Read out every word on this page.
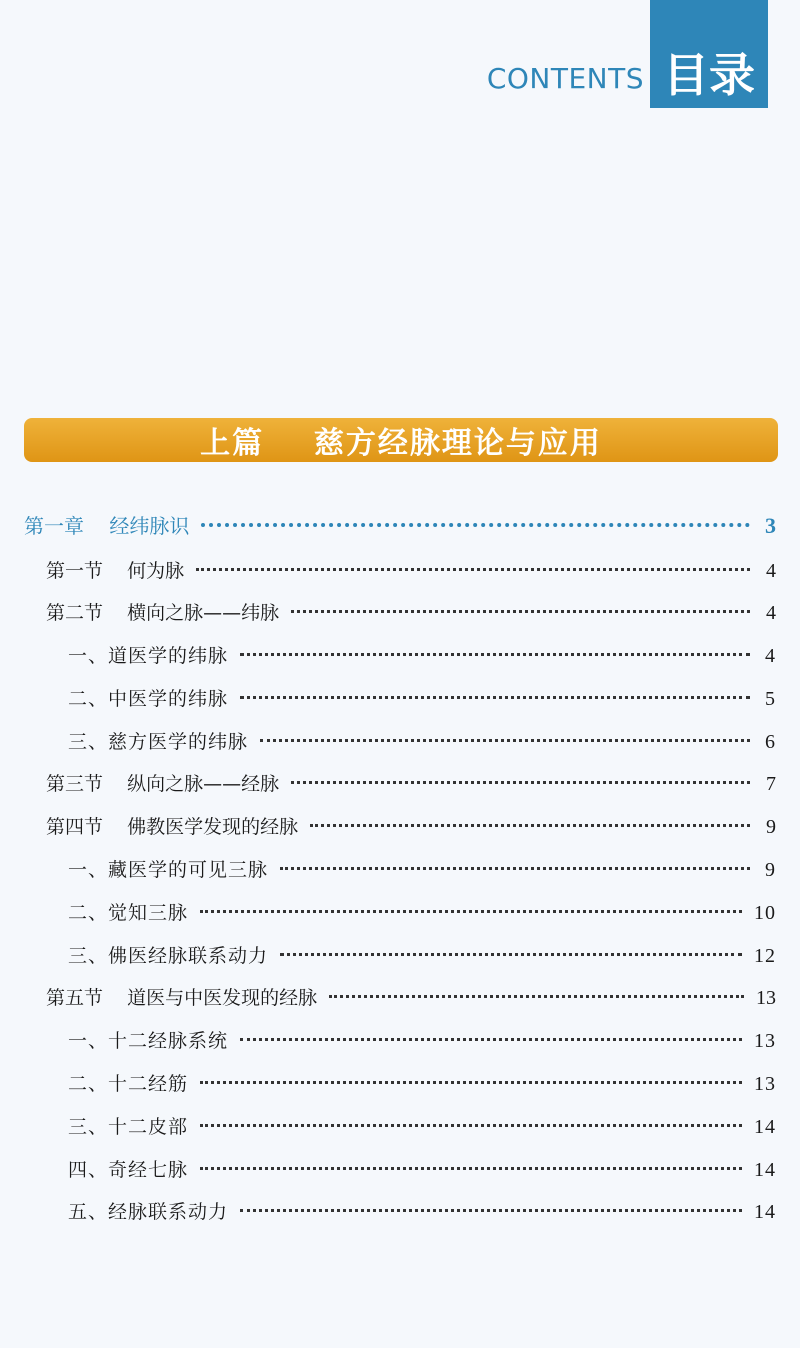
CONTENTS 目录
上篇    慈方经脉理论与应用
第一章    经纬脉识	3
第一节    何为脉	4
第二节    横向之脉——纬脉	4
一、道医学的纬脉	4
二、中医学的纬脉	5
三、慈方医学的纬脉	6
第三节    纵向之脉——经脉	7
第四节    佛教医学发现的经脉	9
一、藏医学的可见三脉	9
二、觉知三脉	10
三、佛医经脉联系动力	12
第五节    道医与中医发现的经脉	13
一、十二经脉系统	13
二、十二经筋	13
三、十二皮部	14
四、奇经七脉	14
五、经脉联系动力	14
